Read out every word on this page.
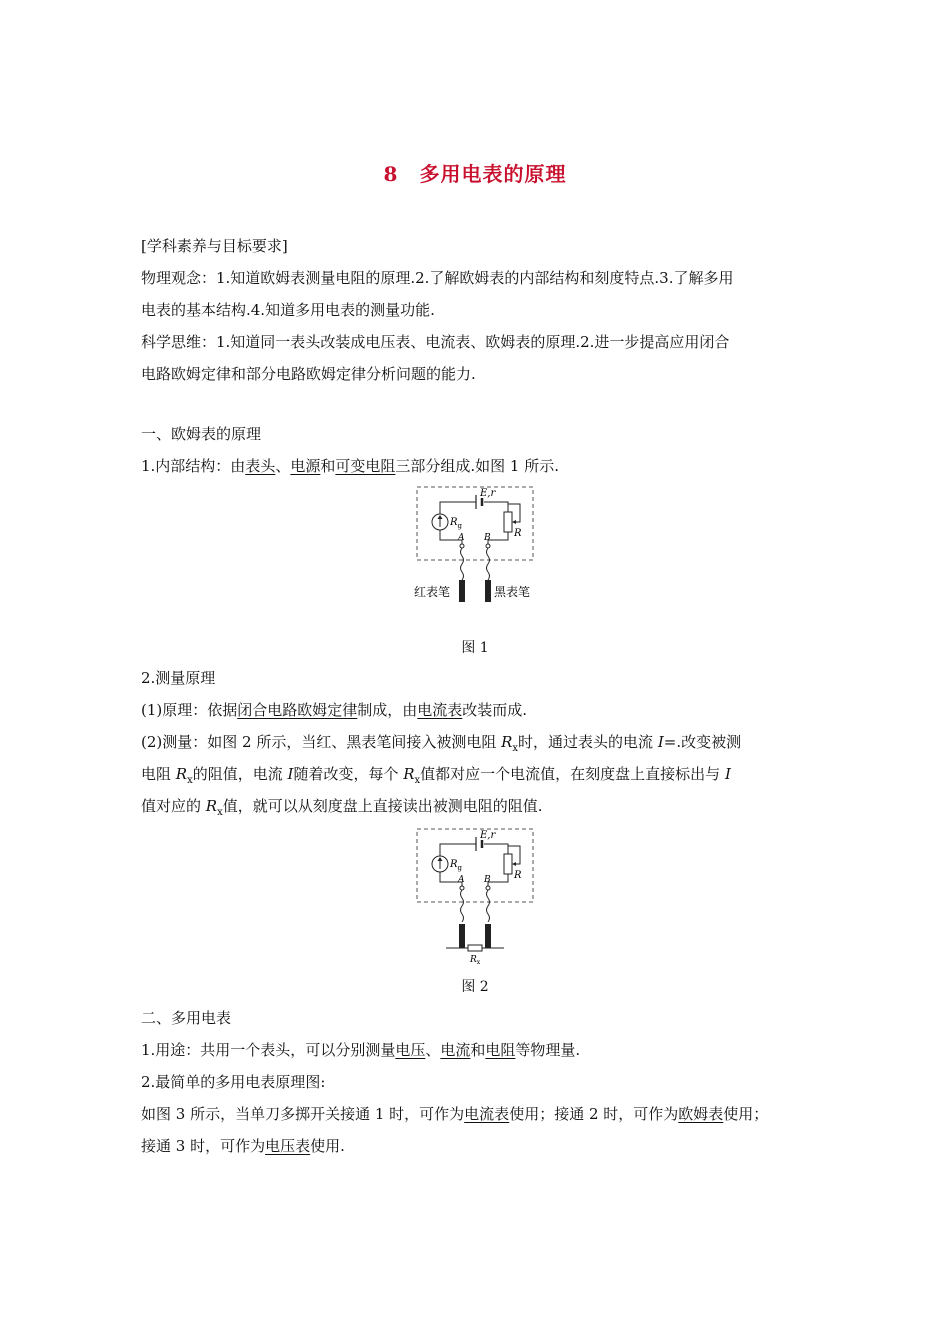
8　多用电表的原理
[学科素养与目标要求]
物理观念：1.知道欧姆表测量电阻的原理.2.了解欧姆表的内部结构和刻度特点.3.了解多用
电表的基本结构.4.知道多用电表的测量功能.
科学思维：1.知道同一表头改装成电压表、电流表、欧姆表的原理.2.进一步提高应用闭合
电路欧姆定律和部分电路欧姆定律分析问题的能力.
一、欧姆表的原理
1.内部结构：由表头、电源和可变电阻三部分组成.如图 1 所示.
E,r
$R_g$
R
A B
红表笔	黑表笔
图 1
2.测量原理
(1)原理：依据闭合电路欧姆定律制成，由电流表改装而成.
(2)测量：如图 2 所示，当红、黑表笔间接入被测电阻 $R_x$时，通过表头的电流 I=.改变被测
电阻 $R_x$的阻值，电流 I随着改变，每个 $R_x$值都对应一个电流值，在刻度盘上直接标出与 I
值对应的 $R_x$值，就可以从刻度盘上直接读出被测电阻的阻值.
E,r
$R_g$
R
A B
$R_x$
图 2
二、多用电表
1.用途：共用一个表头，可以分别测量电压、电流和电阻等物理量.
2.最简单的多用电表原理图:
如图 3 所示，当单刀多掷开关接通 1 时，可作为电流表使用；接通 2 时，可作为欧姆表使用；
接通 3 时，可作为电压表使用.
